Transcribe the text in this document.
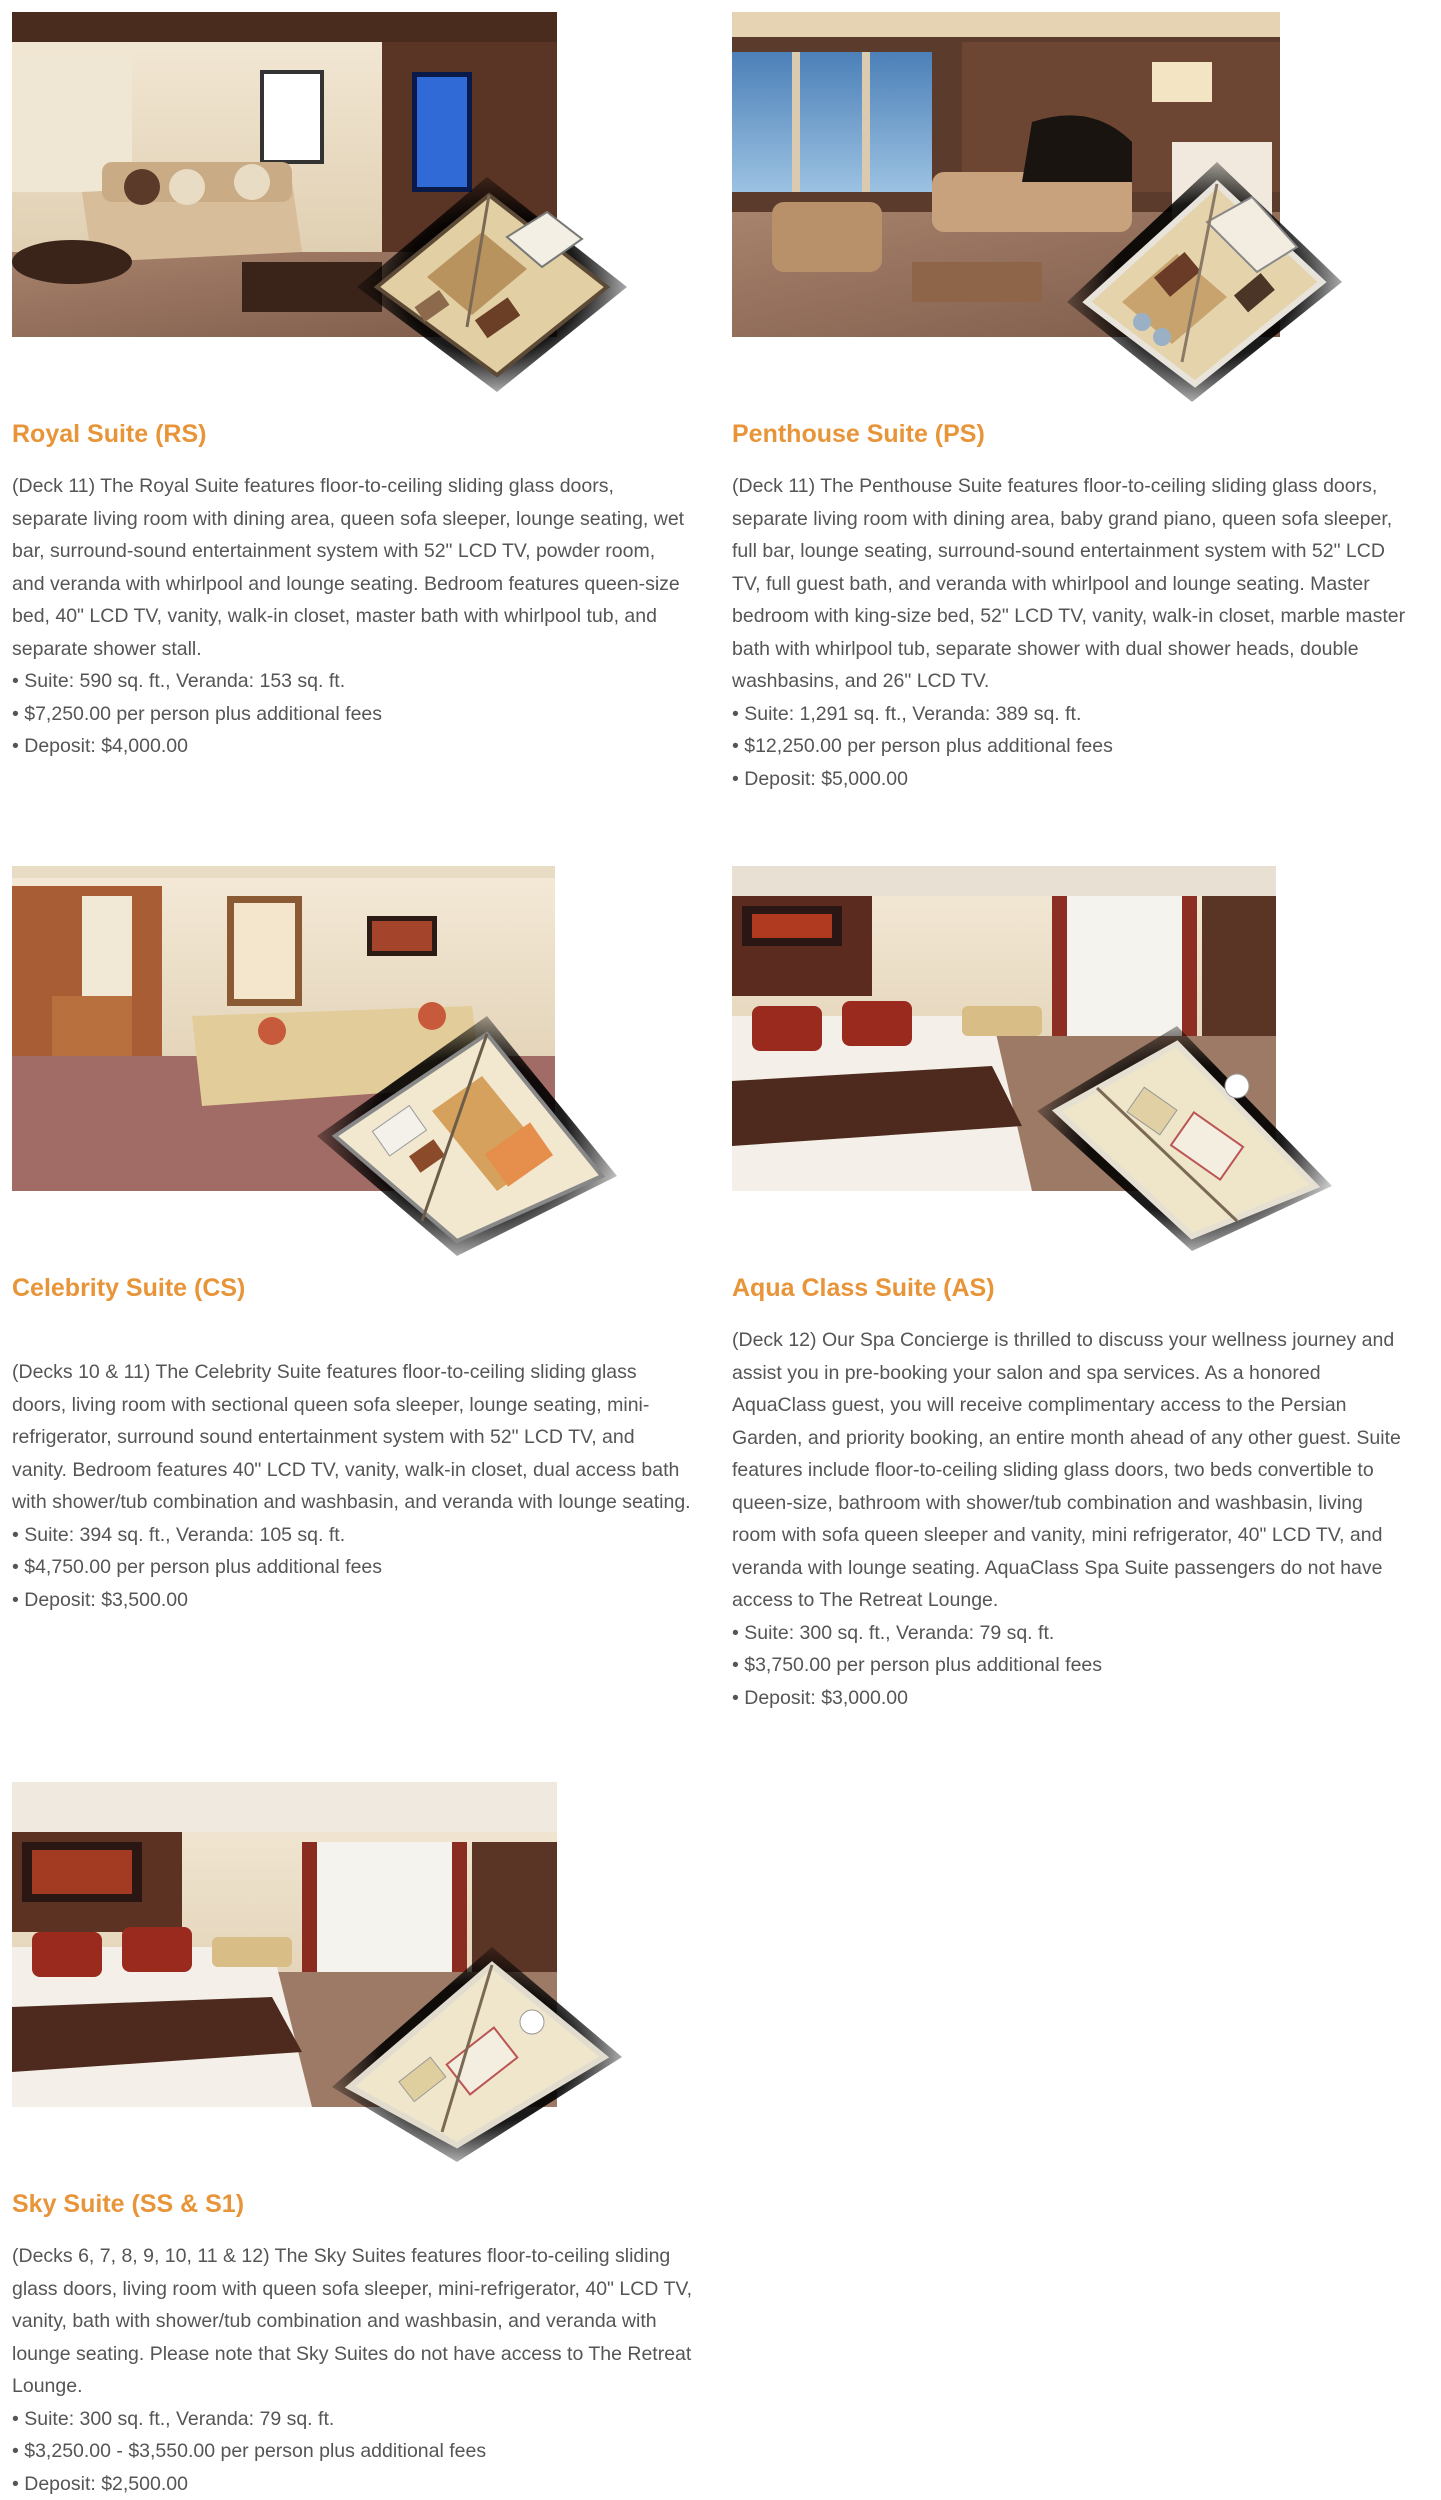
Royal Suite (RS)

(Deck 11) The Royal Suite features floor-to-ceiling sliding glass doors, separate living room with dining area, queen sofa sleeper, lounge seating, wet bar, surround-sound entertainment system with 52" LCD TV, powder room, and veranda with whirlpool and lounge seating. Bedroom features queen-size bed, 40" LCD TV, vanity, walk-in closet, master bath with whirlpool tub, and separate shower stall.

• Suite: 590 sq. ft., Veranda: 153 sq. ft.
• $7,250.00 per person plus additional fees
• Deposit: $4,000.00
Penthouse Suite (PS)

(Deck 11) The Penthouse Suite features floor-to-ceiling sliding glass doors, separate living room with dining area, baby grand piano, queen sofa sleeper, full bar, lounge seating, surround-sound entertainment system with 52" LCD TV, full guest bath, and veranda with whirlpool and lounge seating. Master bedroom with king-size bed, 52" LCD TV, vanity, walk-in closet, marble master bath with whirlpool tub, separate shower with dual shower heads, double washbasins, and 26" LCD TV.

• Suite: 1,291 sq. ft., Veranda: 389 sq. ft.
• $12,250.00 per person plus additional fees
• Deposit: $5,000.00
Celebrity Suite (CS)

(Decks 10 & 11) The Celebrity Suite features floor-to-ceiling sliding glass doors, living room with sectional queen sofa sleeper, lounge seating, mini- refrigerator, surround sound entertainment system with 52" LCD TV, and vanity. Bedroom features 40" LCD TV, vanity, walk-in closet, dual access bath with shower/tub combination and washbasin, and veranda with lounge seating.

• Suite: 394 sq. ft., Veranda: 105 sq. ft.
• $4,750.00 per person plus additional fees
• Deposit: $3,500.00
Aqua Class Suite (AS)

(Deck 12) Our Spa Concierge is thrilled to discuss your wellness journey and assist you in pre-booking your salon and spa services. As a honored AquaClass guest, you will receive complimentary access to the Persian Garden, and priority booking, an entire month ahead of any other guest. Suite features include floor-to-ceiling sliding glass doors, two beds convertible to queen-size, bathroom with shower/tub combination and washbasin, living room with sofa queen sleeper and vanity, mini refrigerator, 40" LCD TV, and veranda with lounge seating. AquaClass Spa Suite passengers do not have access to The Retreat Lounge.

• Suite: 300 sq. ft., Veranda: 79 sq. ft.
• $3,750.00 per person plus additional fees
• Deposit: $3,000.00
Sky Suite (SS & S1)

(Decks 6, 7, 8, 9, 10, 11 & 12) The Sky Suites features floor-to-ceiling sliding glass doors, living room with queen sofa sleeper, mini-refrigerator, 40" LCD TV, vanity, bath with shower/tub combination and washbasin, and veranda with lounge seating. Please note that Sky Suites do not have access to The Retreat Lounge.

• Suite: 300 sq. ft., Veranda: 79 sq. ft.
• $3,250.00 - $3,550.00 per person plus additional fees
• Deposit: $2,500.00
